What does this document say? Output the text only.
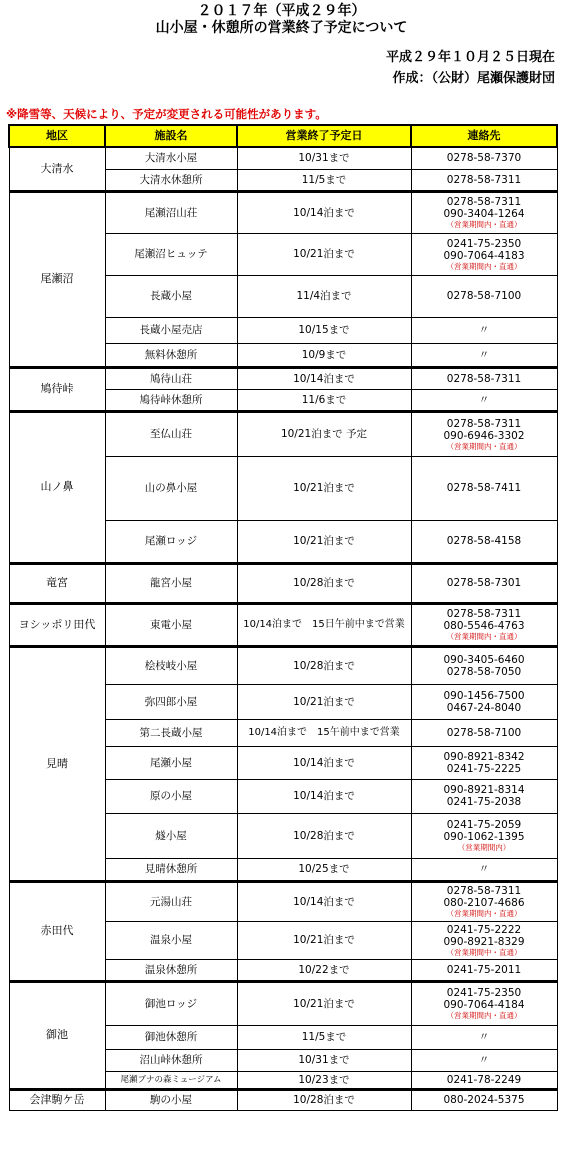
２０１７年（平成２９年）
山小屋・休憩所の営業終了予定について
平成２９年１０月２５日現在
作成：（公財）尾瀬保護財団
※降雪等、天候により、予定が変更される可能性があります。
地区	施設名	営業終了予定日	連絡先
大清水	大清水小屋	10/31まで	0278-58-7370

	大清水休憩所	11/5まで	0278-58-7311

尾瀬沼	尾瀬沼山荘	10/14泊まで	0278-58-7311
090-3404-1264
（営業期間内・直通）

	尾瀬沼ヒュッテ	10/21泊まで	0241-75-2350
090-7064-4183
（営業期間内・直通）

	長蔵小屋	11/4泊まで	0278-58-7100

	長蔵小屋売店	10/15まで	〃

	無料休憩所	10/9まで	〃

鳩待峠	鳩待山荘	10/14泊まで	0278-58-7311

	鳩待峠休憩所	11/6まで	〃

山ノ鼻	至仏山荘	10/21泊まで 予定	0278-58-7311
090-6946-3302
（営業期間内・直通）

	山の鼻小屋	10/21泊まで	0278-58-7411

	尾瀬ロッジ	10/21泊まで	0278-58-4158

竜宮	龍宮小屋	10/28泊まで	0278-58-7301

ヨシッポリ田代	東電小屋	10/14泊まで　15日午前中まで営業	0278-58-7311
080-5546-4763
（営業期間内・直通）

見晴	桧枝岐小屋	10/28泊まで	090-3405-6460
0278-58-7050

	弥四郎小屋	10/21泊まで	090-1456-7500
0467-24-8040

	第二長蔵小屋	10/14泊まで　15午前中まで営業	0278-58-7100

	尾瀬小屋	10/14泊まで	090-8921-8342
0241-75-2225

	原の小屋	10/14泊まで	090-8921-8314
0241-75-2038

	燧小屋	10/28泊まで	0241-75-2059
090-1062-1395
（営業期間内）

	見晴休憩所	10/25まで	〃

赤田代	元湯山荘	10/14泊まで	0278-58-7311
080-2107-4686
（営業期間内・直通）

	温泉小屋	10/21泊まで	0241-75-2222
090-8921-8329
（営業期間中・直通）

	温泉休憩所	10/22まで	0241-75-2011

御池	御池ロッジ	10/21泊まで	0241-75-2350
090-7064-4184
（営業期間内・直通）

	御池休憩所	11/5まで	〃

	沼山峠休憩所	10/31まで	〃

	尾瀬ブナの森ミュージアム	10/23まで	0241-78-2249

会津駒ケ岳	駒の小屋	10/28泊まで	080-2024-5375
